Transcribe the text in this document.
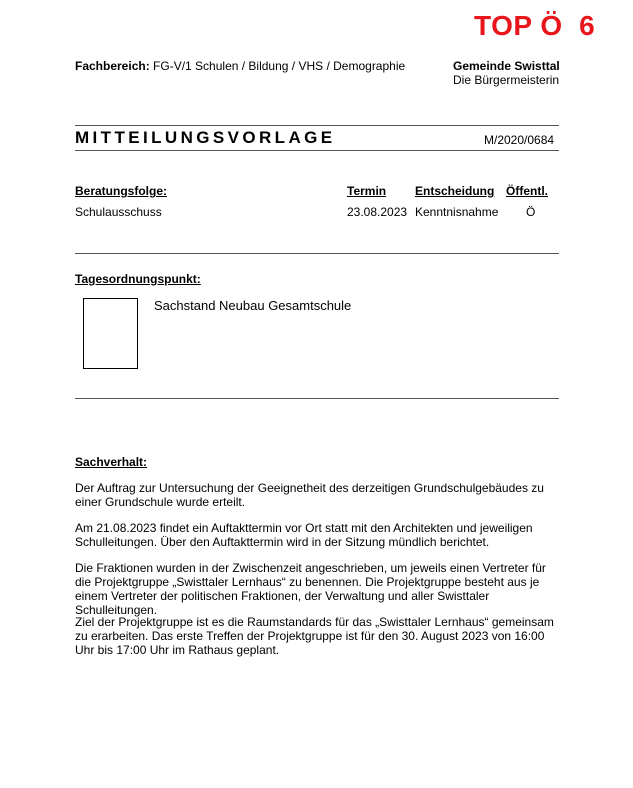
TOP Ö  6
Fachbereich: FG-V/1 Schulen / Bildung / VHS / Demographie	Gemeinde Swisttal
Die Bürgermeisterin
MITTEILUNGSVORLAGE	M/2020/0684
Beratungsfolge:	Termin Entscheidung Öffentl.
Schulausschuss	23.08.2023 Kenntnisnahme Ö
Tagesordnungspunkt:
Sachstand Neubau Gesamtschule
Sachverhalt:

Der Auftrag zur Untersuchung der Geeignetheit des derzeitigen Grundschulgebäudes zu einer Grundschule wurde erteilt.

Am 21.08.2023 findet ein Auftakttermin vor Ort statt mit den Architekten und jeweiligen Schulleitungen. Über den Auftakttermin wird in der Sitzung mündlich berichtet.

Die Fraktionen wurden in der Zwischenzeit angeschrieben, um jeweils einen Vertreter für die Projektgruppe „Swisttaler Lernhaus“ zu benennen. Die Projektgruppe besteht aus je einem Vertreter der politischen Fraktionen, der Verwaltung und aller Swisttaler Schulleitungen.

Ziel der Projektgruppe ist es die Raumstandards für das „Swisttaler Lernhaus“ gemeinsam zu erarbeiten. Das erste Treffen der Projektgruppe ist für den 30. August 2023 von 16:00 Uhr bis 17:00 Uhr im Rathaus geplant.
